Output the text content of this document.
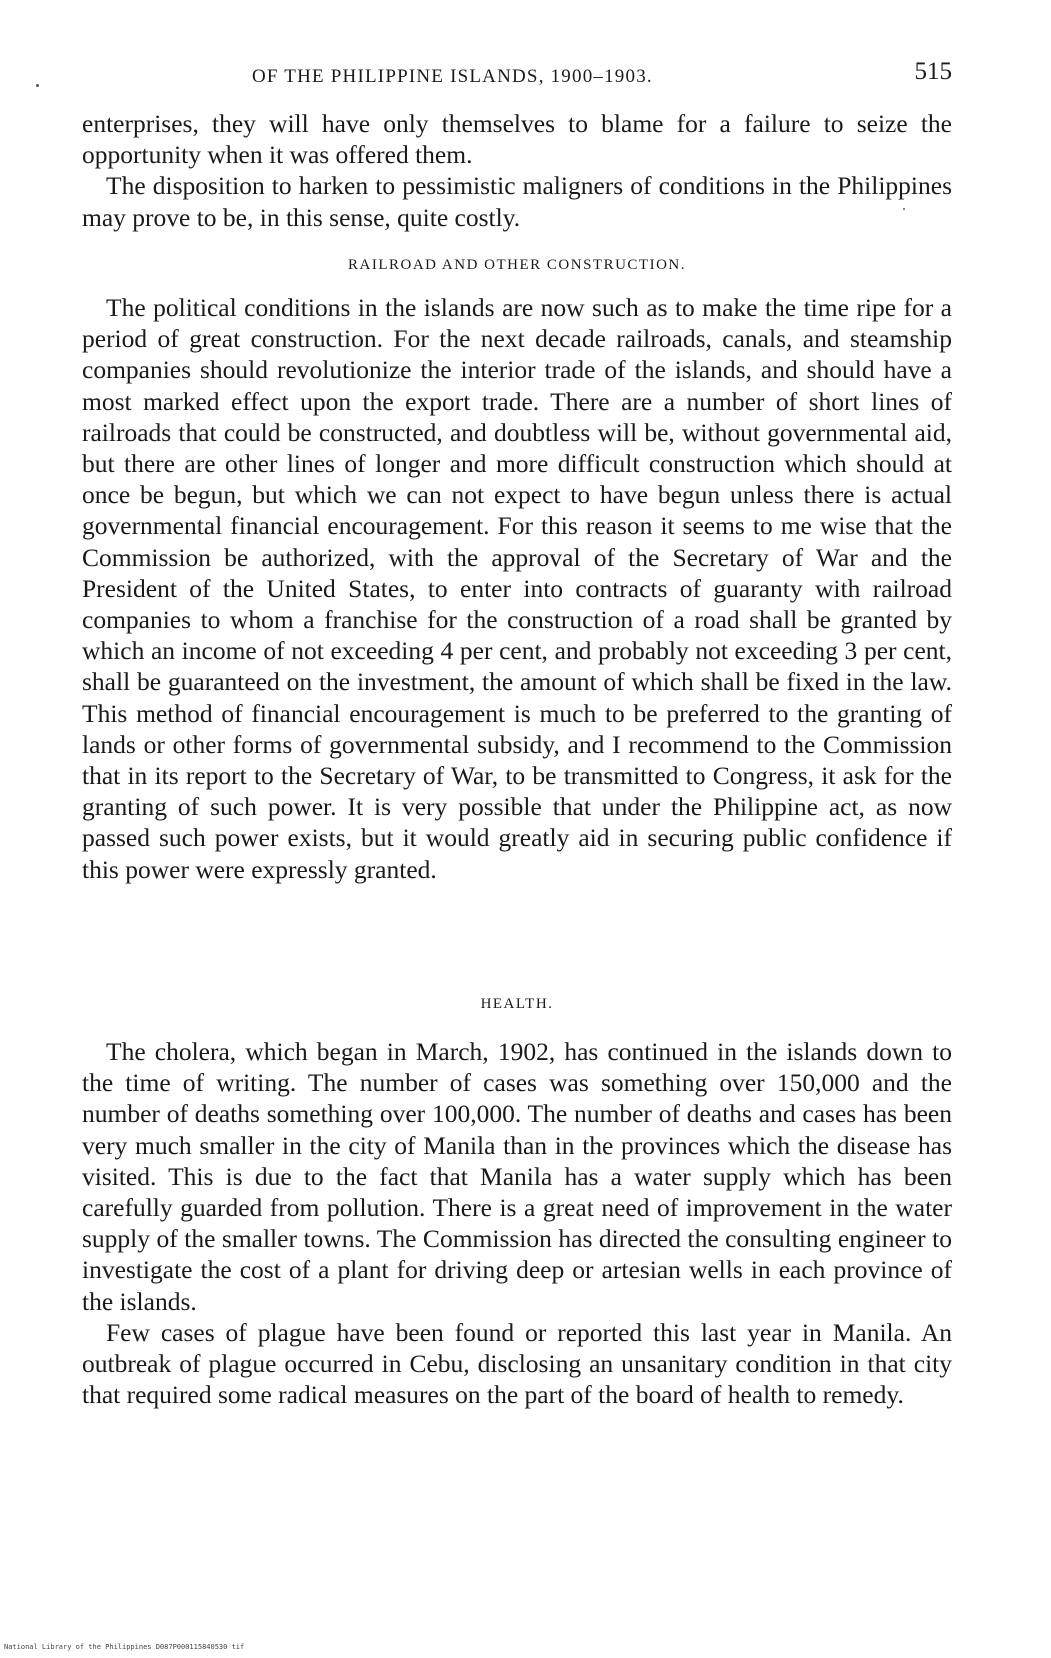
OF THE PHILIPPINE ISLANDS, 1900–1903.	515

enterprises, they will have only themselves to blame for a failure to seize the opportunity when it was offered them.

The disposition to harken to pessimistic maligners of conditions in the Philippines may prove to be, in this sense, quite costly.

RAILROAD AND OTHER CONSTRUCTION.

The political conditions in the islands are now such as to make the time ripe for a period of great construction. For the next decade railroads, canals, and steamship companies should revolutionize the interior trade of the islands, and should have a most marked effect upon the export trade. There are a number of short lines of railroads that could be constructed, and doubtless will be, without governmental aid, but there are other lines of longer and more difficult construction which should at once be begun, but which we can not expect to have begun unless there is actual governmental financial encouragement. For this reason it seems to me wise that the Commission be authorized, with the approval of the Secretary of War and the President of the United States, to enter into contracts of guaranty with railroad companies to whom a franchise for the construction of a road shall be granted by which an income of not exceeding 4 per cent, and probably not exceeding 3 per cent, shall be guaranteed on the investment, the amount of which shall be fixed in the law. This method of financial encouragement is much to be preferred to the granting of lands or other forms of governmental subsidy, and I recommend to the Commission that in its report to the Secretary of War, to be transmitted to Congress, it ask for the granting of such power. It is very possible that under the Philippine act, as now passed such power exists, but it would greatly aid in securing public confidence if this power were expressly granted.

HEALTH.

The cholera, which began in March, 1902, has continued in the islands down to the time of writing. The number of cases was something over 150,000 and the number of deaths something over 100,000. The number of deaths and cases has been very much smaller in the city of Manila than in the provinces which the disease has visited. This is due to the fact that Manila has a water supply which has been carefully guarded from pollution. There is a great need of improvement in the water supply of the smaller towns. The Commission has directed the consulting engineer to investigate the cost of a plant for driving deep or artesian wells in each province of the islands.

Few cases of plague have been found or reported this last year in Manila. An outbreak of plague occurred in Cebu, disclosing an unsanitary condition in that city that required some radical measures on the part of the board of health to remedy.

National Library of the Philippines D087P000115840530 tif
